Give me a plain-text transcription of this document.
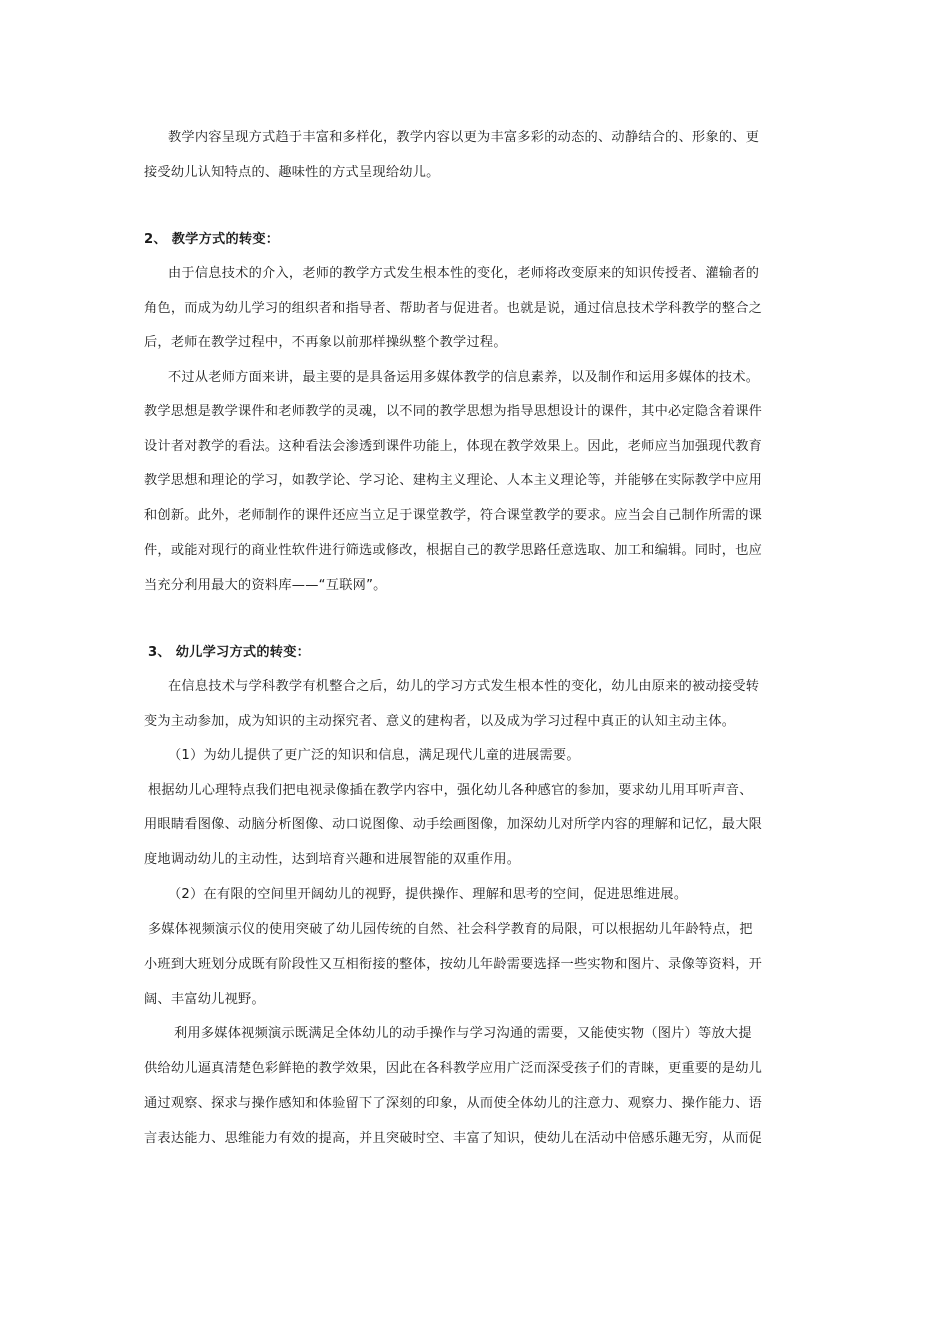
教学内容呈现方式趋于丰富和多样化，教学内容以更为丰富多彩的动态的、动静结合的、形象的、更
接受幼儿认知特点的、趣味性的方式呈现给幼儿。
2、 教学方式的转变：
由于信息技术的介入，老师的教学方式发生根本性的变化，老师将改变原来的知识传授者、灌输者的
角色，而成为幼儿学习的组织者和指导者、帮助者与促进者。也就是说，通过信息技术学科教学的整合之
后，老师在教学过程中，不再象以前那样操纵整个教学过程。
不过从老师方面来讲，最主要的是具备运用多媒体教学的信息素养，以及制作和运用多媒体的技术。
教学思想是教学课件和老师教学的灵魂，以不同的教学思想为指导思想设计的课件，其中必定隐含着课件
设计者对教学的看法。这种看法会渗透到课件功能上，体现在教学效果上。因此，老师应当加强现代教育
教学思想和理论的学习，如教学论、学习论、建构主义理论、人本主义理论等，并能够在实际教学中应用
和创新。此外，老师制作的课件还应当立足于课堂教学，符合课堂教学的要求。应当会自己制作所需的课
件，或能对现行的商业性软件进行筛选或修改，根据自己的教学思路任意选取、加工和编辑。同时，也应
当充分利用最大的资料库——“互联网”。
3、 幼儿学习方式的转变：
在信息技术与学科教学有机整合之后，幼儿的学习方式发生根本性的变化，幼儿由原来的被动接受转
变为主动参加，成为知识的主动探究者、意义的建构者，以及成为学习过程中真正的认知主动主体。
（1）为幼儿提供了更广泛的知识和信息，满足现代儿童的进展需要。
根据幼儿心理特点我们把电视录像插在教学内容中，强化幼儿各种感官的参加，要求幼儿用耳听声音、
用眼睛看图像、动脑分析图像、动口说图像、动手绘画图像，加深幼儿对所学内容的理解和记忆，最大限
度地调动幼儿的主动性，达到培育兴趣和进展智能的双重作用。
（2）在有限的空间里开阔幼儿的视野，提供操作、理解和思考的空间，促进思维进展。
多媒体视频演示仪的使用突破了幼儿园传统的自然、社会科学教育的局限，可以根据幼儿年龄特点，把
小班到大班划分成既有阶段性又互相衔接的整体，按幼儿年龄需要选择一些实物和图片、录像等资料，开
阔、丰富幼儿视野。
利用多媒体视频演示既满足全体幼儿的动手操作与学习沟通的需要，又能使实物（图片）等放大提
供给幼儿逼真清楚色彩鲜艳的教学效果，因此在各科教学应用广泛而深受孩子们的青睐，更重要的是幼儿
通过观察、探求与操作感知和体验留下了深刻的印象，从而使全体幼儿的注意力、观察力、操作能力、语
言表达能力、思维能力有效的提高，并且突破时空、丰富了知识，使幼儿在活动中倍感乐趣无穷，从而促
